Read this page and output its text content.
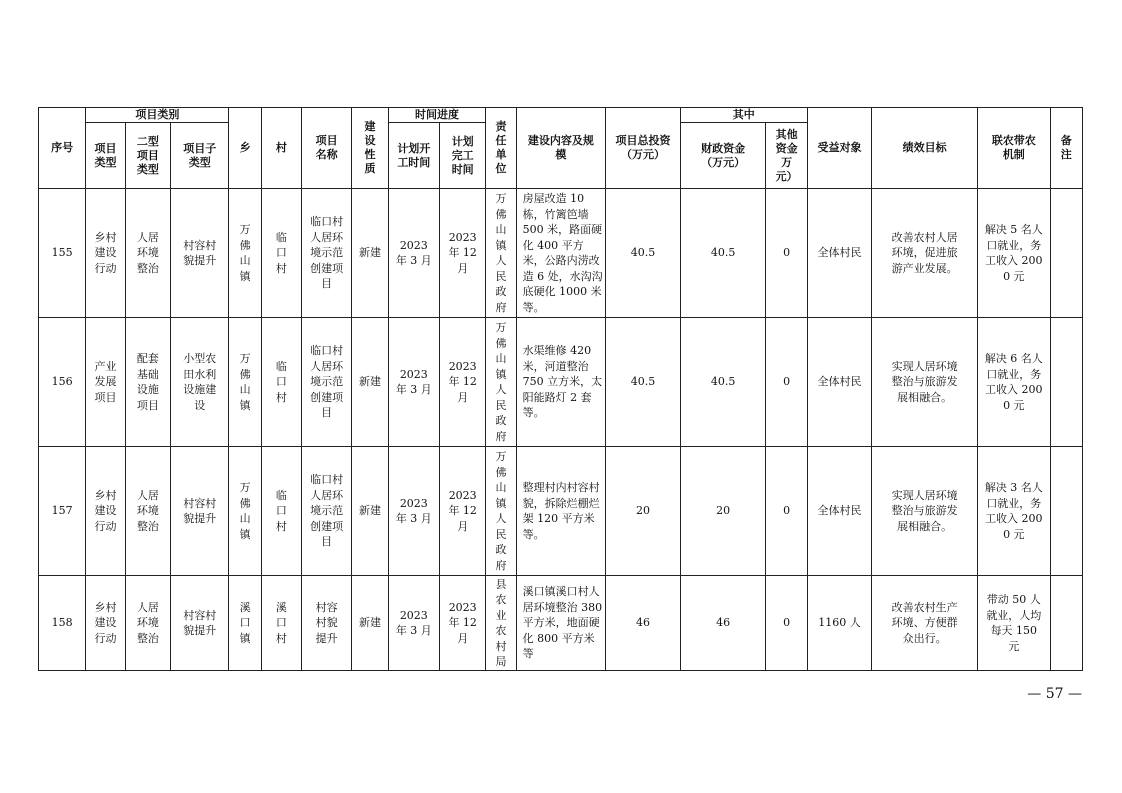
序号	项目类别			乡	村	项目名称	建设性质	时间进度		责任单位	建设内容及规模	项目总投资（万元）	其中		受益对象	绩效目标	联农带农机制	备注
	项目类型	二型项目类型	项目子类型					计划开工时间	计划完工时间				财政资金（万元）	其他资金万元）				
155	乡村建设行动	人居环境整治	村容村貌提升	万佛山镇	临口村	临口村人居环境示范创建项目	新建	2023 年 3 月	2023 年 12 月	万佛山镇人民政府	房屋改造 10 栋，竹篱笆墙 500 米，路面硬化 400 平方米，公路内涝改造 6 处，水沟沟底硬化 1000 米等。	40.5	40.5	0	全体村民	改善农村人居环境，促进旅游产业发展。	解决 5 名人口就业，务工收入 2000 元	
156	产业发展项目	配套基础设施项目	小型农田水利设施建设	万佛山镇	临口村	临口村人居环境示范创建项目	新建	2023 年 3 月	2023 年 12 月	万佛山镇人民政府	水渠维修 420 米，河道整治 750 立方米，太阳能路灯 2 套等。	40.5	40.5	0	全体村民	实现人居环境整治与旅游发展相融合。	解决 6 名人口就业，务工收入 2000 元	
157	乡村建设行动	人居环境整治	村容村貌提升	万佛山镇	临口村	临口村人居环境示范创建项目	新建	2023 年 3 月	2023 年 12 月	万佛山镇人民政府	整理村内村容村貌，拆除烂棚烂架 120 平方米等。	20	20	0	全体村民	实现人居环境整治与旅游发展相融合。	解决 3 名人口就业，务工收入 2000 元	
158	乡村建设行动	人居环境整治	村容村貌提升	溪口镇	溪口村	村容村貌提升	新建	2023 年 3 月	2023 年 12 月	县农业农村局	溪口镇溪口村人居环境整治 380 平方米，地面硬化 800 平方米等	46	46	0	1160 人	改善农村生产环境、方便群众出行。	带动 50 人就业，人均每天 150 元	
— 57 —
